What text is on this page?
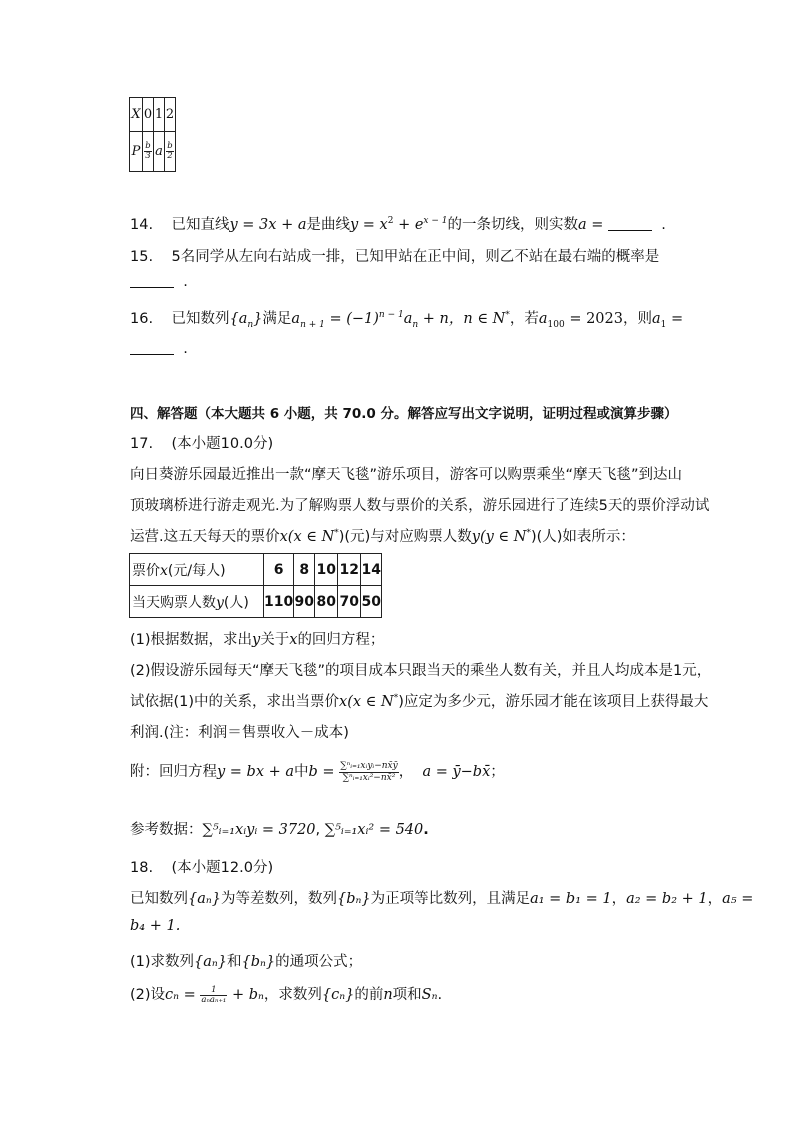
X	0	1	2
P	$\frac{b}{3}$	a	$\frac{b}{2}$
14. 已知直线y = 3x + a是曲线$y = x^2 + e^{x - 1}$的一条切线，则实数a =	.
15. 5名同学从左向右站成一排，已知甲站在正中间，则乙不站在最右端的概率是
.
16. 已知数列$\{a_n\}$满足$a_{n + 1} = (-1)^{n - 1}a_n + n$，n ∈ N*，若$a_{100} = 2023$，则$a_1$ =
.
四、解答题（本大题共 6 小题，共 70.0 分。解答应写出文字说明，证明过程或演算步骤）
17. (本小题10.0分)
向日葵游乐园最近推出一款“摩天飞毯”游乐项目，游客可以购票乘坐“摩天飞毯”到达山
顶玻璃桥进行游走观光.为了解购票人数与票价的关系，游乐园进行了连续5天的票价浮动试
运营.这五天每天的票价x(x ∈ N*)(元)与对应购票人数y(y ∈ N*)(人)如表所示：
票价x(元/每人)	6	8	10	12	14
当天购票人数y(人)	110	90	80	70	50
(1)根据数据，求出y关于x的回归方程；
(2)假设游乐园每天“摩天飞毯”的项目成本只跟当天的乘坐人数有关，并且人均成本是1元，
试依据(1)中的关系，求出当票价x(x ∈ N*)应定为多少元，游乐园才能在该项目上获得最大
利润.(注：利润＝售票收入－成本)
附：回归方程y = bx + a中$b = \frac{\text{∑ⁿᵢ₌₁xᵢyᵢ−nx̄ȳ}}{\text{∑ⁿᵢ₌₁xᵢ²−nx̄²}}$ ， a = ȳ−bx̄；
参考数据：∑⁵ᵢ₌₁xᵢyᵢ = 3720, ∑⁵ᵢ₌₁xᵢ² = 540.
18. (本小题12.0分)
已知数列{aₙ}为等差数列，数列{bₙ}为正项等比数列，且满足a₁ = b₁ = 1，a₂ = b₂ + 1，a₅ =
b₄ + 1.
(1)求数列{aₙ}和{bₙ}的通项公式；
(2)设$c_n = \frac{1}{\text{aₙaₙ₊₁}} + b_n$，求数列{cₙ}的前n项和Sₙ.
